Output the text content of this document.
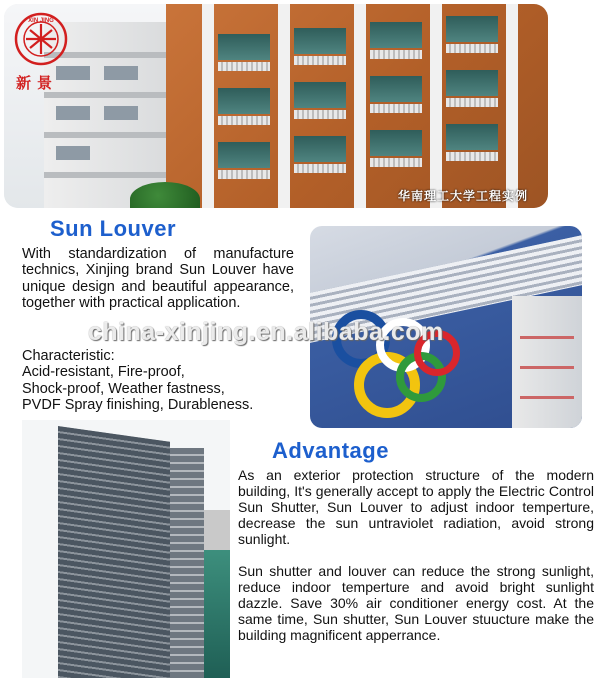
华南理工大学工程实例
XIN JING
新景
Sun Louver
With standardization of manufacture technics, Xinjing brand Sun Louver have unique design and beautiful appearance, together with practical application.
Characteristic:
Acid-resistant, Fire-proof,
Shock-proof, Weather fastness,
PVDF Spray finishing, Durableness.
china-xinjing.en.alibaba.com
Advantage
As an exterior protection structure of the modern building, It's generally accept to apply the Electric Control Sun Shutter, Sun Louver to adjust indoor temperture, decrease the sun untraviolet radiation, avoid strong sunlight.
Sun shutter and louver can reduce the strong sunlight, reduce indoor temperture and avoid bright sunlight dazzle. Save 30% air conditioner energy cost. At the same time, Sun shutter, Sun Louver stuucture make the building magnificent apperrance.
